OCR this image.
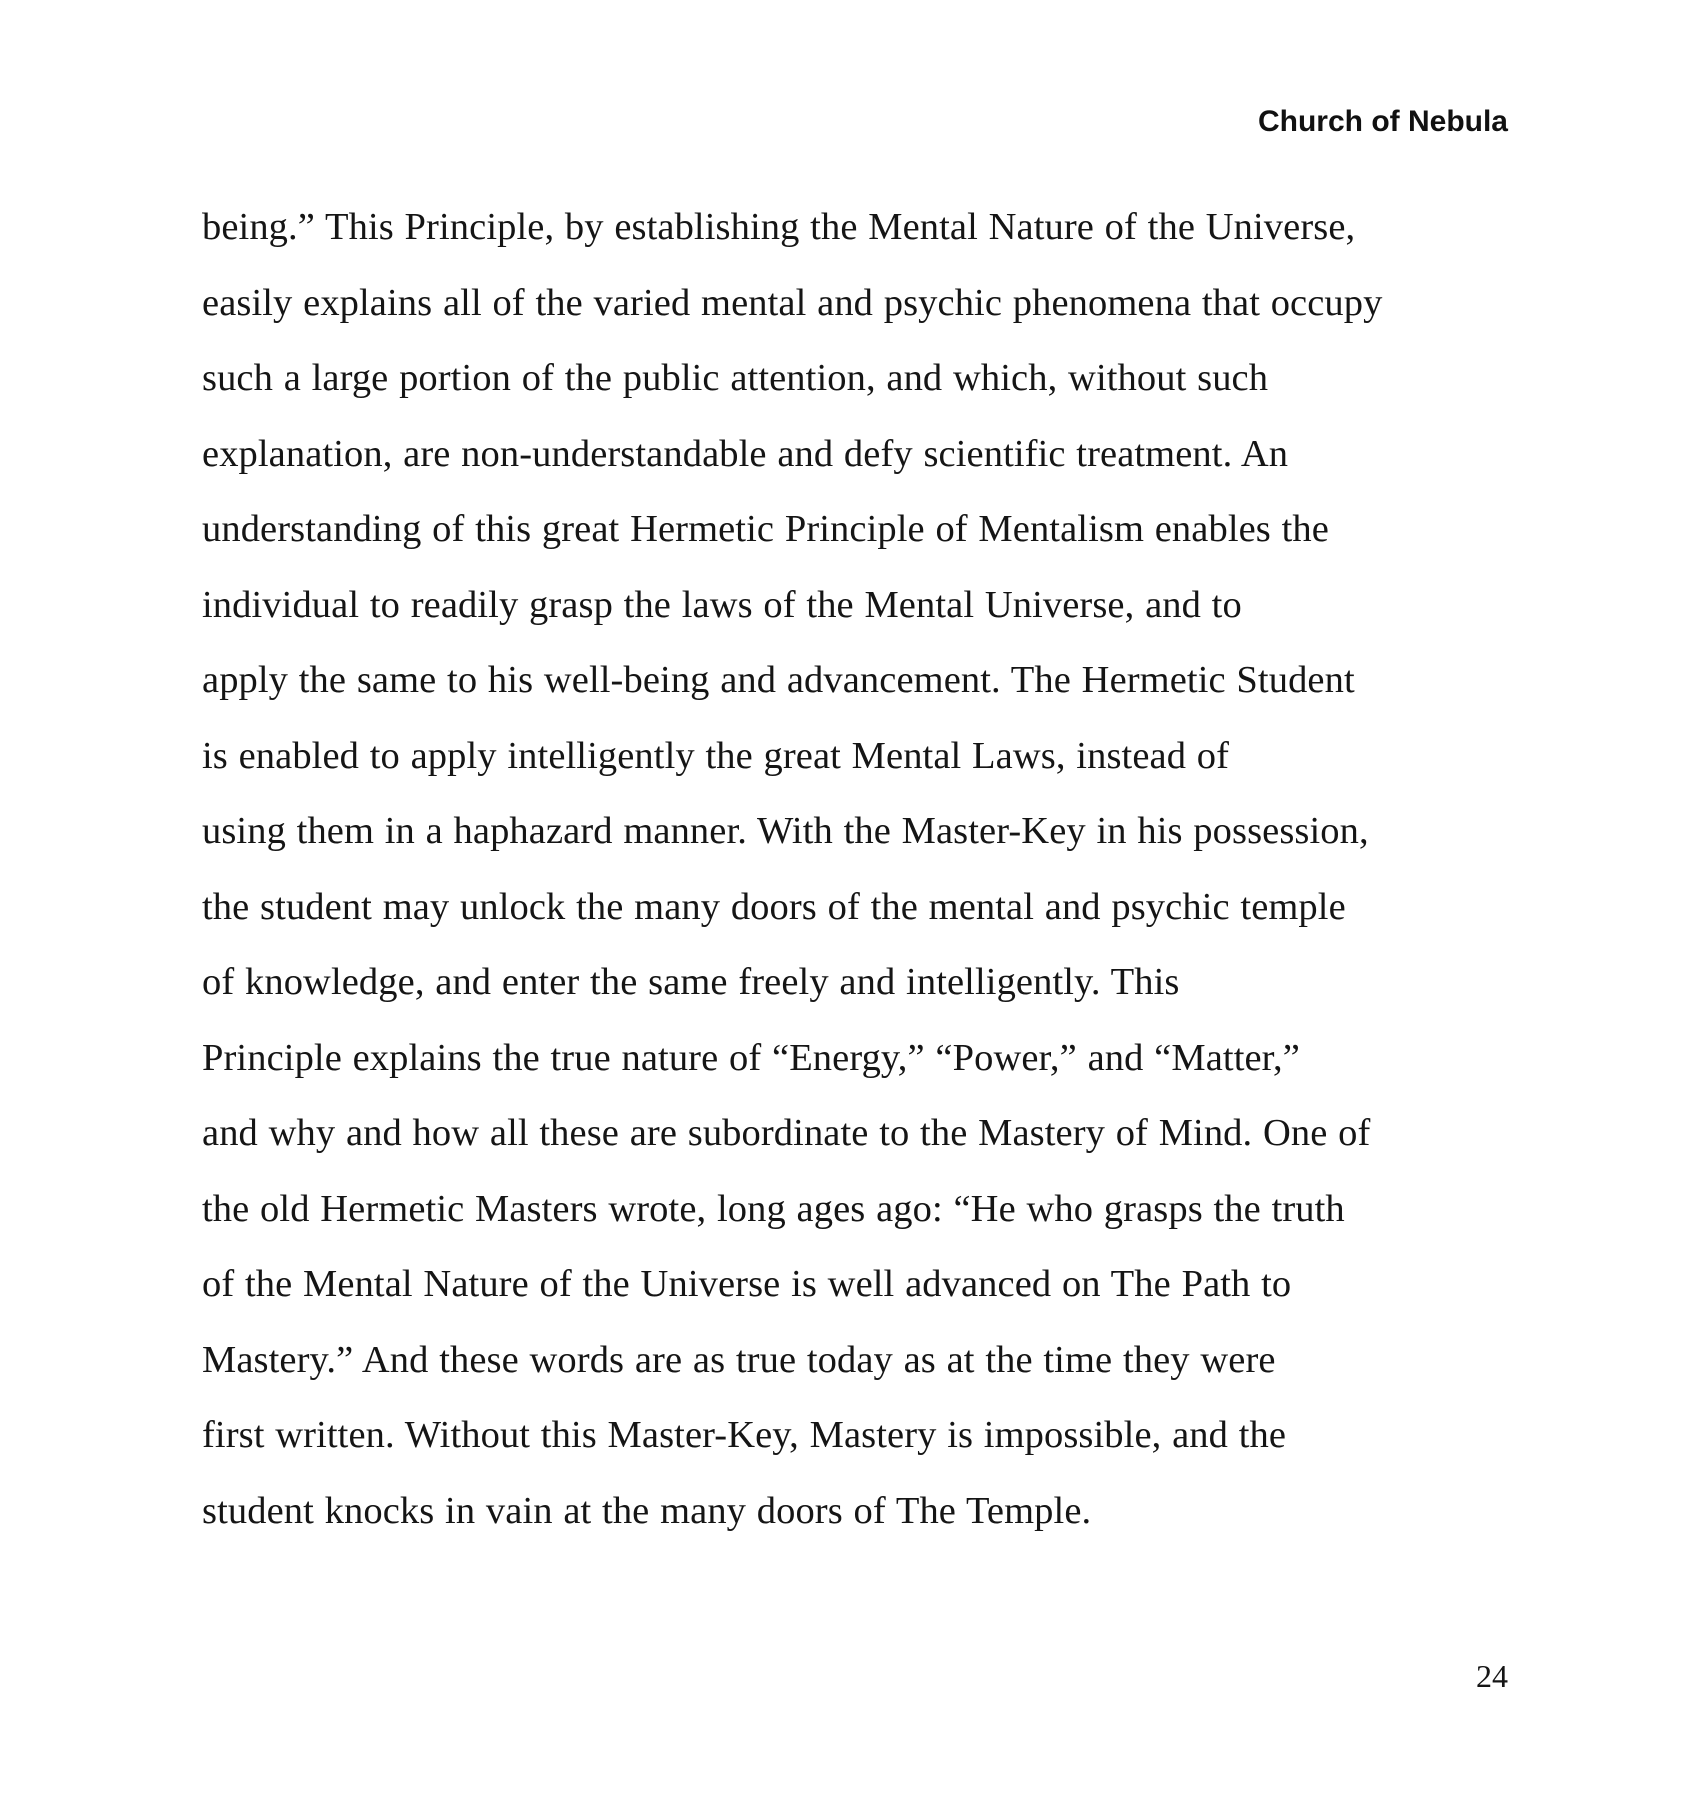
Church of Nebula
being.” This Principle, by establishing the Mental Nature of the Universe,
easily explains all of the varied mental and psychic phenomena that occupy
such a large portion of the public attention, and which, without such
explanation, are non-understandable and defy scientific treatment. An
understanding of this great Hermetic Principle of Mentalism enables the
individual to readily grasp the laws of the Mental Universe, and to
apply the same to his well-being and advancement. The Hermetic Student
is enabled to apply intelligently the great Mental Laws, instead of
using them in a haphazard manner. With the Master-Key in his possession,
the student may unlock the many doors of the mental and psychic temple
of knowledge, and enter the same freely and intelligently. This
Principle explains the true nature of “Energy,” “Power,” and “Matter,”
and why and how all these are subordinate to the Mastery of Mind. One of
the old Hermetic Masters wrote, long ages ago: “He who grasps the truth
of the Mental Nature of the Universe is well advanced on The Path to
Mastery.” And these words are as true today as at the time they were
first written. Without this Master-Key, Mastery is impossible, and the
student knocks in vain at the many doors of The Temple.

24
